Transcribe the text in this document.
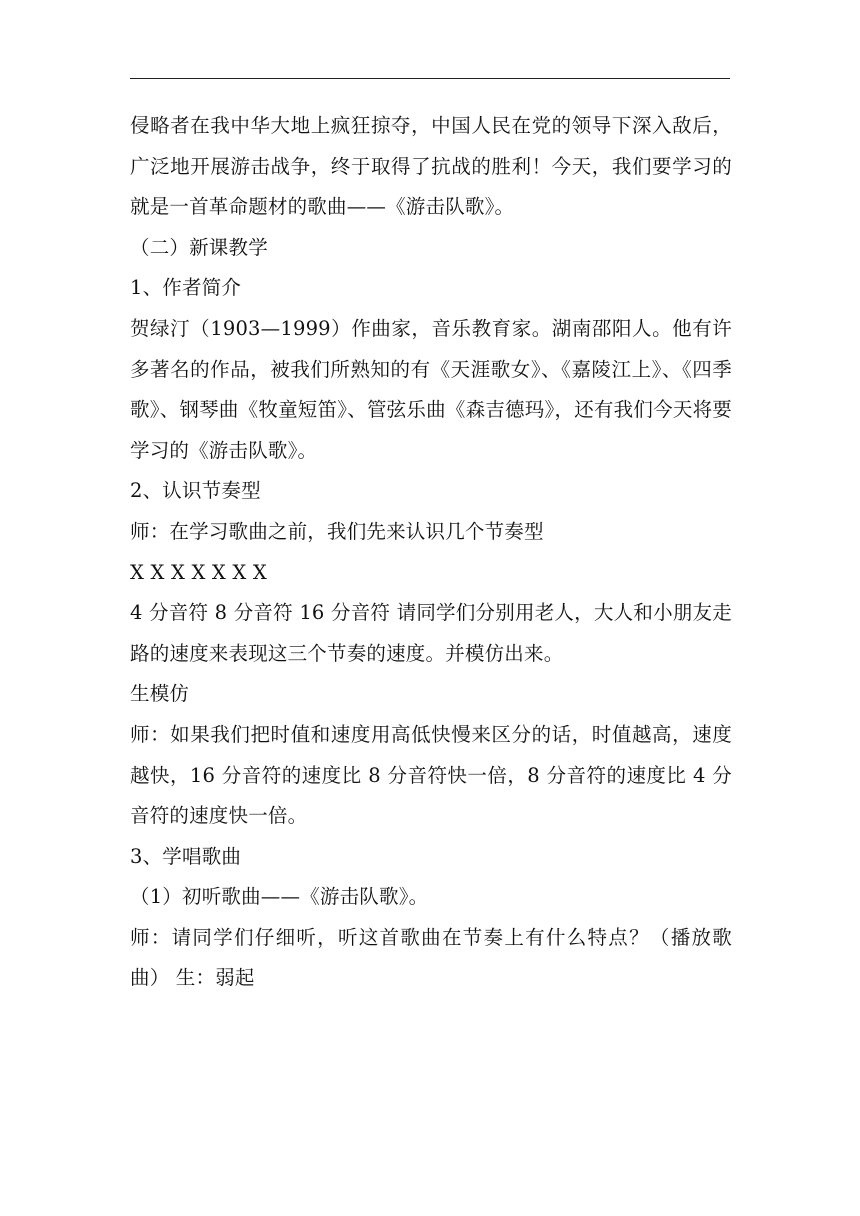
侵略者在我中华大地上疯狂掠夺，中国人民在党的领导下深入敌后，广泛地开展游击战争，终于取得了抗战的胜利！今天，我们要学习的就是一首革命题材的歌曲——《游击队歌》。

（二）新课教学

1、作者简介

贺绿汀（1903—1999）作曲家，音乐教育家。湖南邵阳人。他有许多著名的作品，被我们所熟知的有《天涯歌女》、《嘉陵江上》、《四季歌》、钢琴曲《牧童短笛》、管弦乐曲《森吉德玛》，还有我们今天将要学习的《游击队歌》。

2、认识节奏型

师：在学习歌曲之前，我们先来认识几个节奏型

X X X X X X X

4 分音符 8 分音符 16 分音符 请同学们分别用老人，大人和小朋友走路的速度来表现这三个节奏的速度。并模仿出来。

生模仿

师：如果我们把时值和速度用高低快慢来区分的话，时值越高，速度越快，16 分音符的速度比 8 分音符快一倍，8 分音符的速度比 4 分音符的速度快一倍。

3、学唱歌曲

（1）初听歌曲——《游击队歌》。

师：请同学们仔细听，听这首歌曲在节奏上有什么特点？（播放歌曲） 生：弱起
